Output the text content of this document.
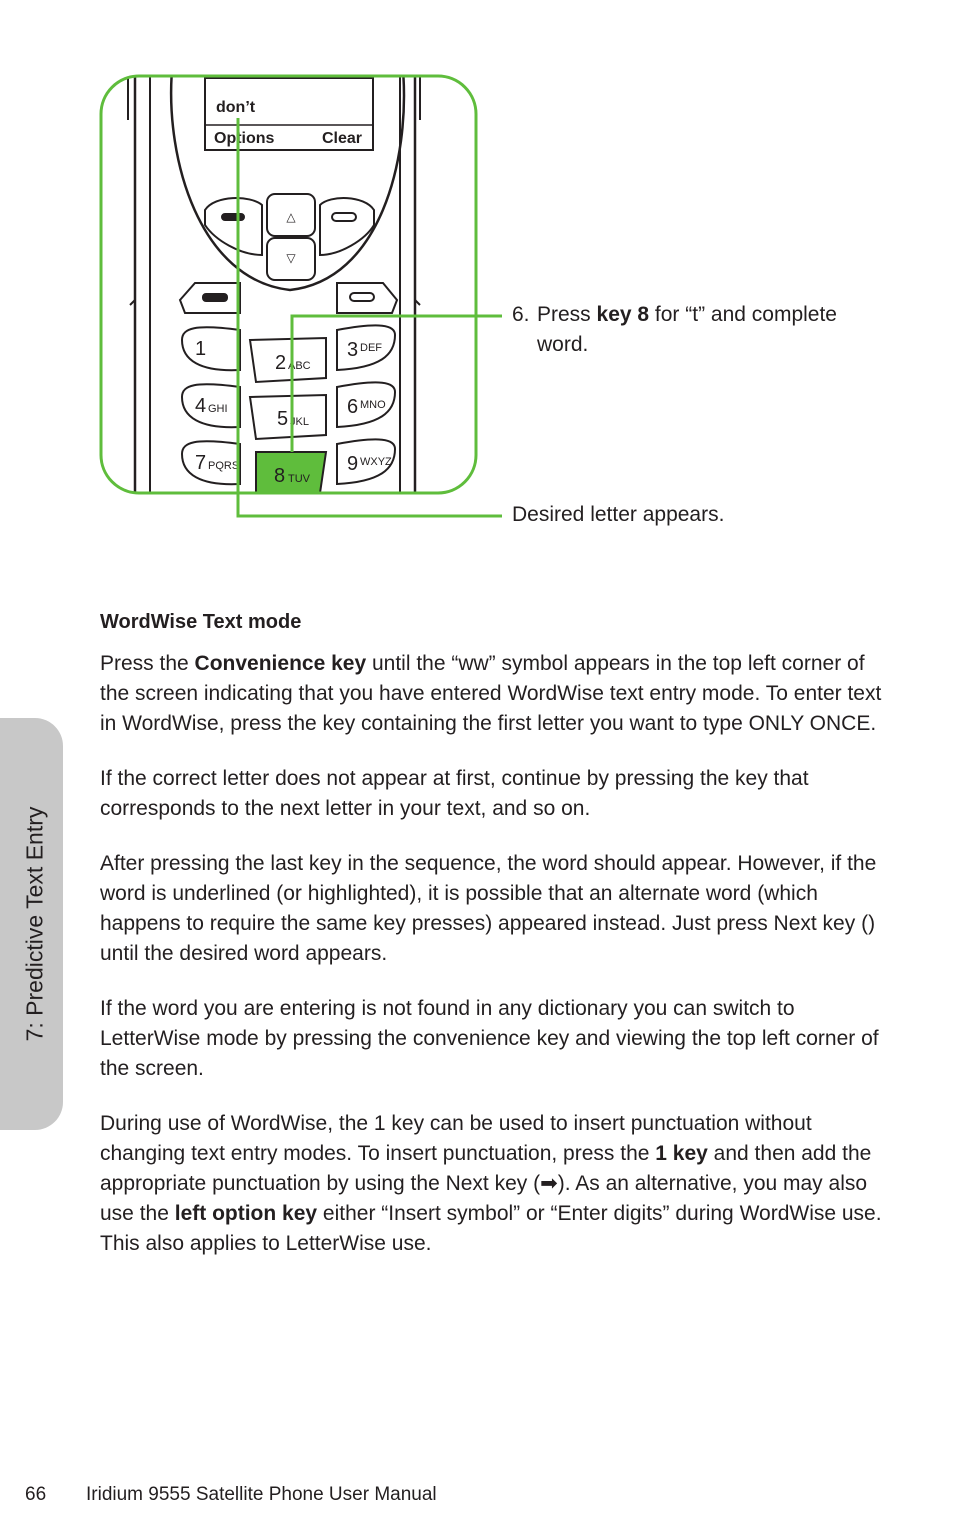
don’t
Options	Clear
△
▽
1
2 ABC
3 DEF
4 GHI 5 JKL
6 MNO
7 PQRS 8 TUV
9 WXYZ
6. Press key 8 for “t” and complete
word.
Desired letter appears.
WordWise Text mode

Press the Convenience key until the “ww” symbol appears in the top left corner of the screen indicating that you have entered WordWise text entry mode. To enter text in WordWise, press the key containing the first letter you want to type ONLY ONCE.

If the correct letter does not appear at first, continue by pressing the key that corresponds to the next letter in your text, and so on.

After pressing the last key in the sequence, the word should appear. However, if the word is underlined (or highlighted), it is possible that an alternate word (which happens to require the same key presses) appeared instead. Just press Next key () until the desired word appears.

If the word you are entering is not found in any dictionary you can switch to LetterWise mode by pressing the convenience key and viewing the top left corner of the screen.

During use of WordWise, the 1 key can be used to insert punctuation without changing text entry modes. To insert punctuation, press the 1 key and then add the appropriate punctuation by using the Next key (➡). As an alternative, you may also use the left option key either “Insert symbol” or “Enter digits” during WordWise use. This also applies to LetterWise use.

7: Predictive Text Entry
66 Iridium 9555 Satellite Phone User Manual
